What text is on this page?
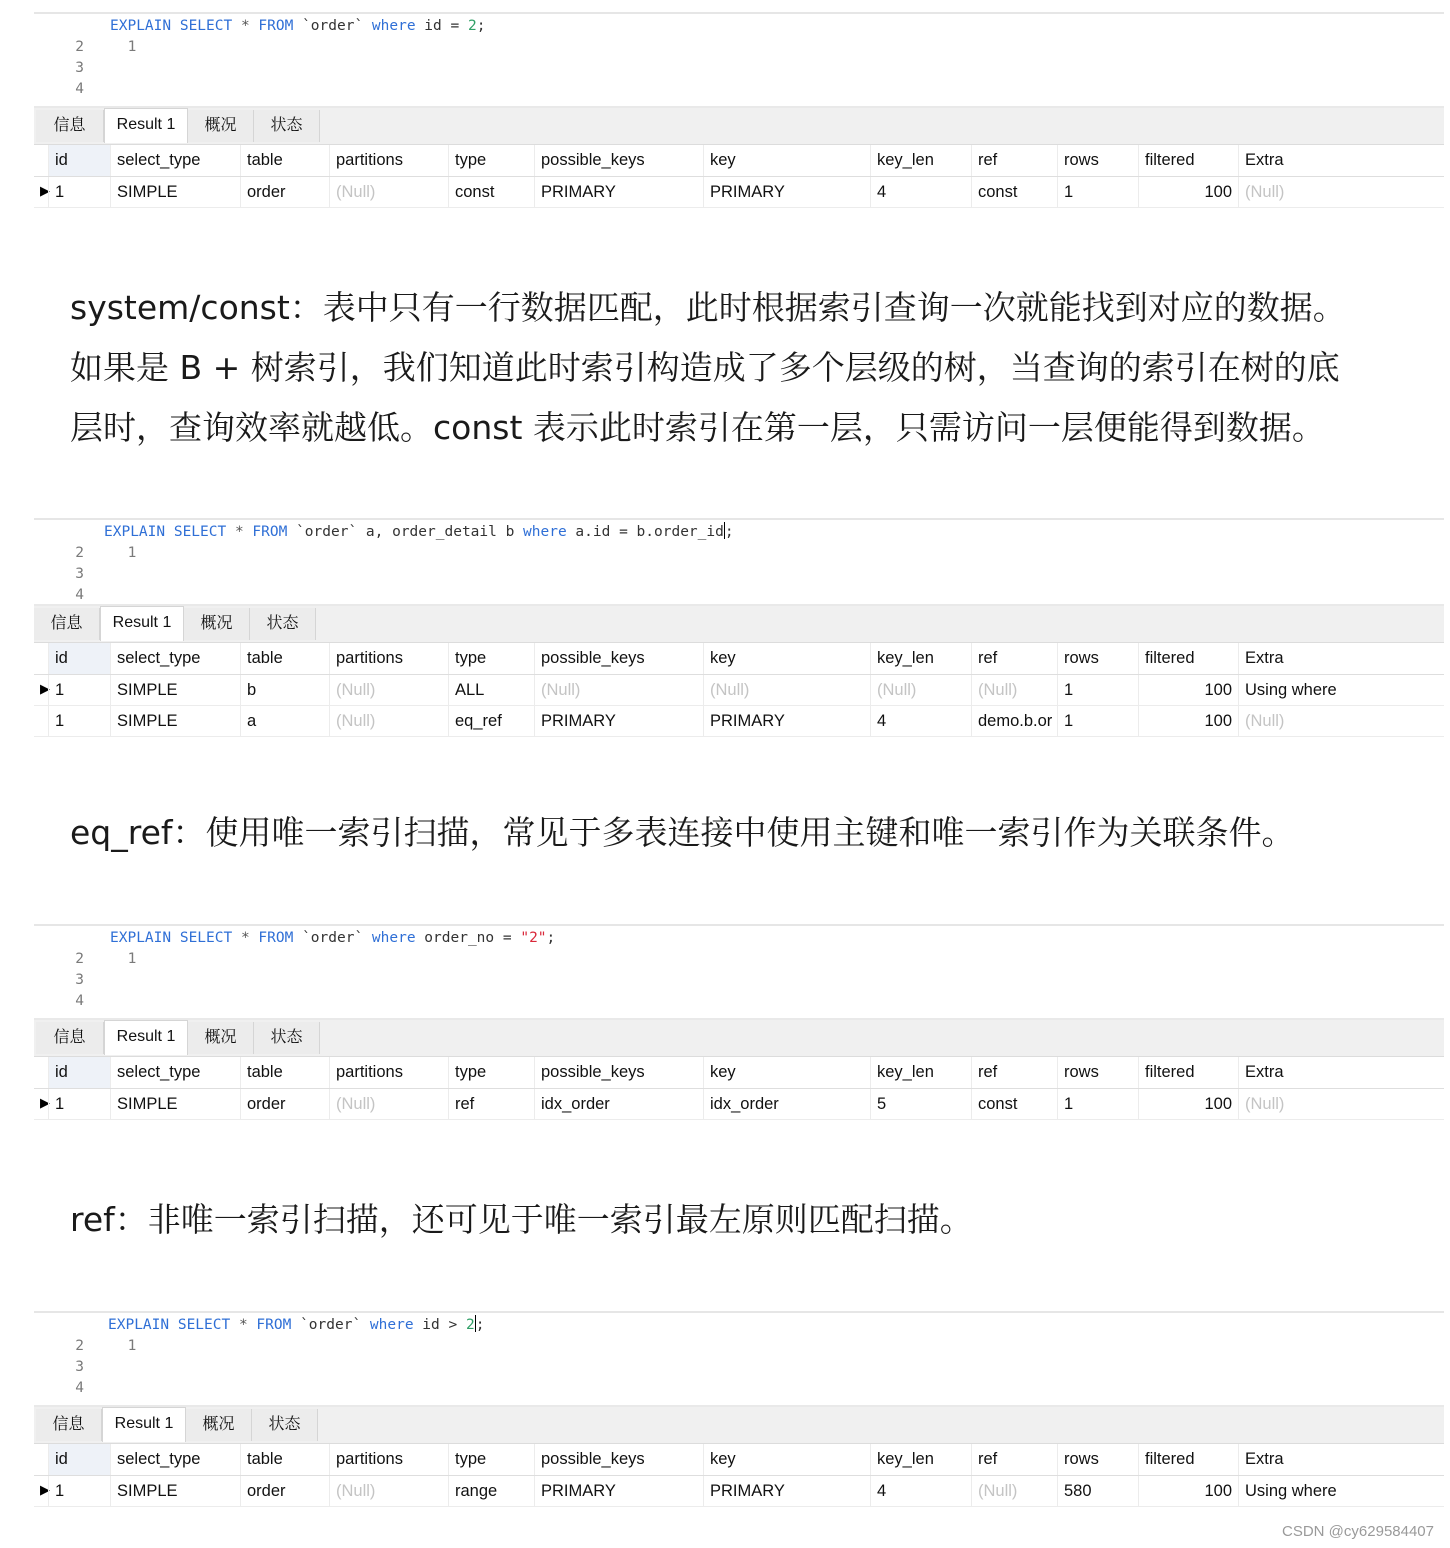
1

EXPLAIN SELECT * FROM `order` where id = 2;

2
3
4
信息	Result 1	概况	状态
id	select_type	table	partitions	type	possible_keys	key	key_len	ref	rows	filtered	Extra
▶ 1	SIMPLE	order	(Null)	const	PRIMARY	PRIMARY	4	const	1	100 (Null)

system/const：表中只有一行数据匹配，此时根据索引查询一次就能找到对应的数据。

如果是 B + 树索引，我们知道此时索引构造成了多个层级的树，当查询的索引在树的底

层时，查询效率就越低。const 表示此时索引在第一层，只需访问一层便能得到数据。

1

EXPLAIN SELECT * FROM `order` a, order_detail b where a.id = b.order_id;

2
3
4
信息	Result 1	概况	状态
id	select_type	table	partitions	type	possible_keys	key	key_len	ref	rows	filtered	Extra
▶ 1	SIMPLE	b	(Null)	ALL	(Null)	(Null)	(Null)	(Null)	1	100 Using where
1	SIMPLE	a	(Null)	eq_ref	PRIMARY	PRIMARY	4	demo.b.or 1	100 (Null)

eq_ref：使用唯一索引扫描，常见于多表连接中使用主键和唯一索引作为关联条件。

1

EXPLAIN SELECT * FROM `order` where order_no = "2";

2
3
4
信息	Result 1	概况	状态
id	select_type	table	partitions	type	possible_keys	key	key_len	ref	rows	filtered	Extra
▶ 1	SIMPLE	order	(Null)	ref	idx_order	idx_order	5	const	1	100 (Null)

ref：非唯一索引扫描，还可见于唯一索引最左原则匹配扫描。

1

EXPLAIN SELECT * FROM `order` where id > 2;

2
3
4
信息	Result 1	概况	状态
id	select_type	table	partitions	type	possible_keys	key	key_len	ref	rows	filtered	Extra
▶ 1	SIMPLE	order	(Null)	range	PRIMARY	PRIMARY	4	(Null)	580	100 Using where
CSDN @cy629584407
